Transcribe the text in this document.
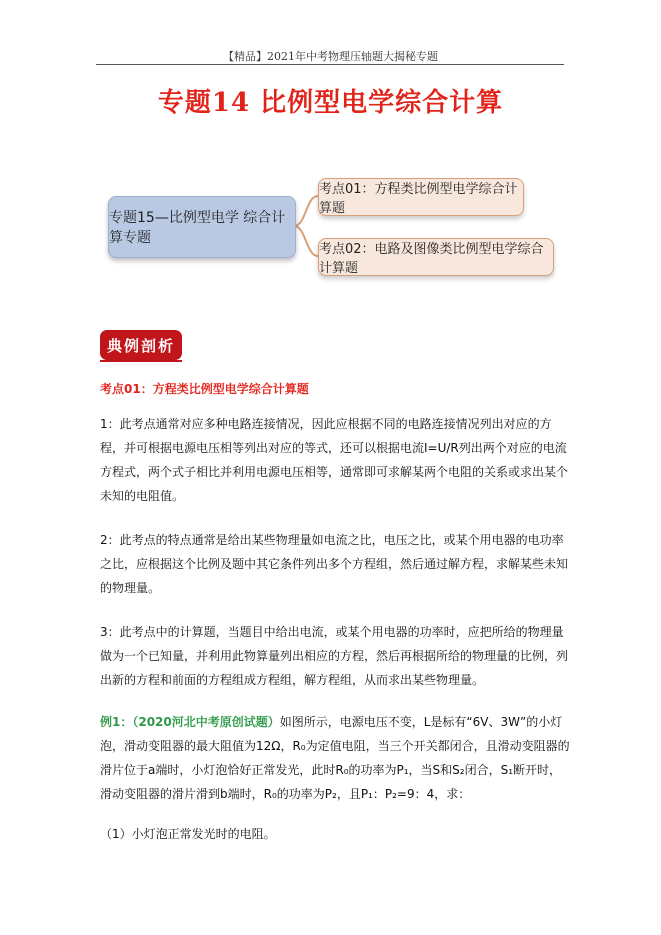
【精品】2021年中考物理压轴题大揭秘专题
专题14 比例型电学综合计算
专题15—比例型电学 综合计算专题
考点01：方程类比例型电学综合计算题
考点02：电路及图像类比例型电学综合计算题
典例剖析
考点01：方程类比例型电学综合计算题

1：此考点通常对应多种电路连接情况，因此应根据不同的电路连接情况列出对应的方程，并可根据电源电压相等列出对应的等式，还可以根据电流I=U/R列出两个对应的电流方程式，两个式子相比并利用电源电压相等，通常即可求解某两个电阻的关系或求出某个未知的电阻值。

2：此考点的特点通常是给出某些物理量如电流之比，电压之比，或某个用电器的电功率之比，应根据这个比例及题中其它条件列出多个方程组，然后通过解方程，求解某些未知的物理量。

3：此考点中的计算题，当题目中给出电流，或某个用电器的功率时，应把所给的物理量做为一个已知量，并利用此物算量列出相应的方程，然后再根据所给的物理量的比例，列出新的方程和前面的方程组成方程组，解方程组，从而求出某些物理量。

例1：（2020河北中考原创试题）如图所示，电源电压不变，L是标有“6V、3W”的小灯泡，滑动变阻器的最大阻值为12Ω，R₀为定值电阻，当三个开关都闭合，且滑动变阻器的滑片位于a端时，小灯泡恰好正常发光，此时R₀的功率为P₁，当S和S₂闭合，S₁断开时，滑动变阻器的滑片滑到b端时，R₀的功率为P₂，且P₁：P₂=9：4，求：

（1）小灯泡正常发光时的电阻。
